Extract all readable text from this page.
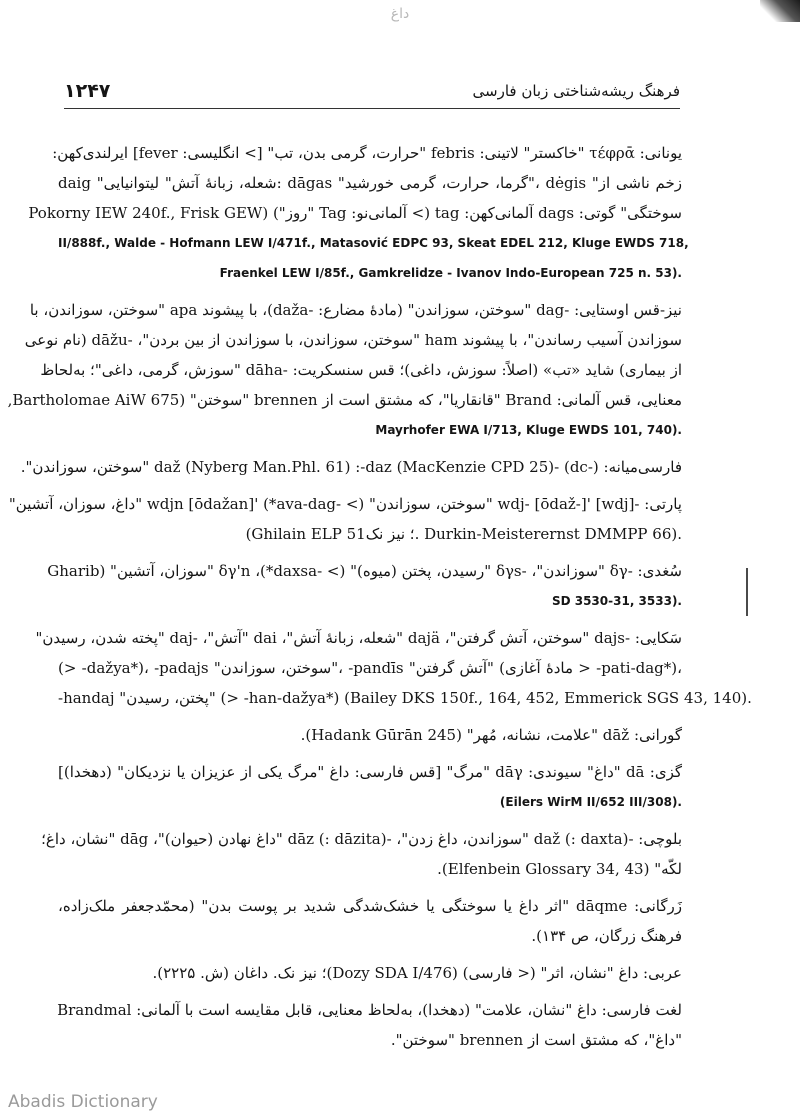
داغ
۱۲۴۷	فرهنگ ریشه‌شناختی زبان فارسی
یونانی: τέφρᾱ "خاکستر" لاتینی: febris "حرارت، گرمی بدن، تب" [> انگلیسی: fever] ایرلندی‌کهن:
daig "شعله، زبانهٔ آتش" لیتوانیایی: dāgas "گرما، حرارت، گرمی خورشید"، dėgis "زخم ناشی از
سوختگی" گوتی: dags آلمانی‌کهن: tag (> آلمانی‌نو: Tag "روز") (Pokorny IEW 240f., Frisk GEW
II/888f., Walde - Hofmann LEW I/471f., Matasović EDPC 93, Skeat EDEL 212, Kluge EWDS 718,
Fraenkel LEW I/85f., Gamkrelidze - Ivanov Indo-European 725 n. 53).
نیز-قس اوستایی: -dag "سوختن، سوزاندن" (مادهٔ مضارع: -daža)، با پیشوند apa "سوختن، سوزاندن، با
سوزاندن آسیب رساندن"، با پیشوند ham "سوختن، سوزاندن، با سوزاندن از بین بردن"، -dāžu (نام نوعی
از بیماری) شاید «تب» (اصلاً: سوزش، داغی)؛ قس سنسکریت: -dāha "سوزش، گرمی، داغی"؛ به‌لحاظ
معنایی، قس آلمانی: Brand "قانقاریا"، که مشتق است از brennen "سوختن" (Bartholomae AiW 675,
Mayrhofer EWA I/713, Kluge EWDS 101, 740).
فارسی‌میانه: (-dc) -daž (Nyberg Man.Phl. 61) :-daz (MacKenzie CPD 25) "سوختن، سوزاندن".
پارتی: -[wdj] 'wdj- [ōdaž-] "سوختن، سوزاندن" (> -ava-dag*) 'wdjn [ōdažan] "داغ، سوزان، آتشین"
(Ghilain ELP 51؛ نیز نک. Durkin-Meisterernst DMMPP 66).
سُغدی: -δγ "سوزاندن"، -δγs "رسیدن، پختن (میوه)" (> -daxsa*)، δγ'n "سوزان، آتشین" (Gharib
SD 3530-31, 3533).
سَکایی: -dajs "سوختن، آتش گرفتن"، dajä "شعله، زبانهٔ آتش"، dai "آتش"، -daj "پخته شدن، رسیدن"
(> -dažya*)، -padajs "سوختن، سوزاندن"، -pandīs "آتش گرفتن" (مادهٔ آغازی > -pati-dag*)،
-handaj "پختن، رسیدن" (> -han-dažya*) (Bailey DKS 150f., 164, 452, Emmerick SGS 43, 140).
گورانی: dāž "علامت، نشانه، مُهر" (Hadank Gūrān 245).
گزی: dā "داغ" سیوندی: dāγ "مرگ" [قس فارسی: داغ "مرگ یکی از عزیزان یا نزدیکان" (دهخدا)]
(Eilers WirM II/652 III/308).
بلوچی: -daž (: daxta) "سوزاندن، داغ زدن"، -dāz (: dāzita) "داغ نهادن (حیوان)"، dāg "نشان، داغ؛
لکّه" (Elfenbein Glossary 34, 43).
زَرگانی: dāqme "اثر داغ یا سوختگی یا خشک‌شدگی شدید بر پوست بدن" (محمّدجعفر ملک‌زاده،
فرهنگ زرگان، ص ۱۳۴).
عربی: داغ "نشان، اثر" (< فارسی) (Dozy SDA I/476)؛ نیز نک. داغان (ش. ۲۲۲۵).
لغت فارسی: داغ "نشان، علامت" (دهخدا)، به‌لحاظ معنایی، قابل مقایسه است با آلمانی: Brandmal
"داغ"، که مشتق است از brennen "سوختن".
Abadis Dictionary
